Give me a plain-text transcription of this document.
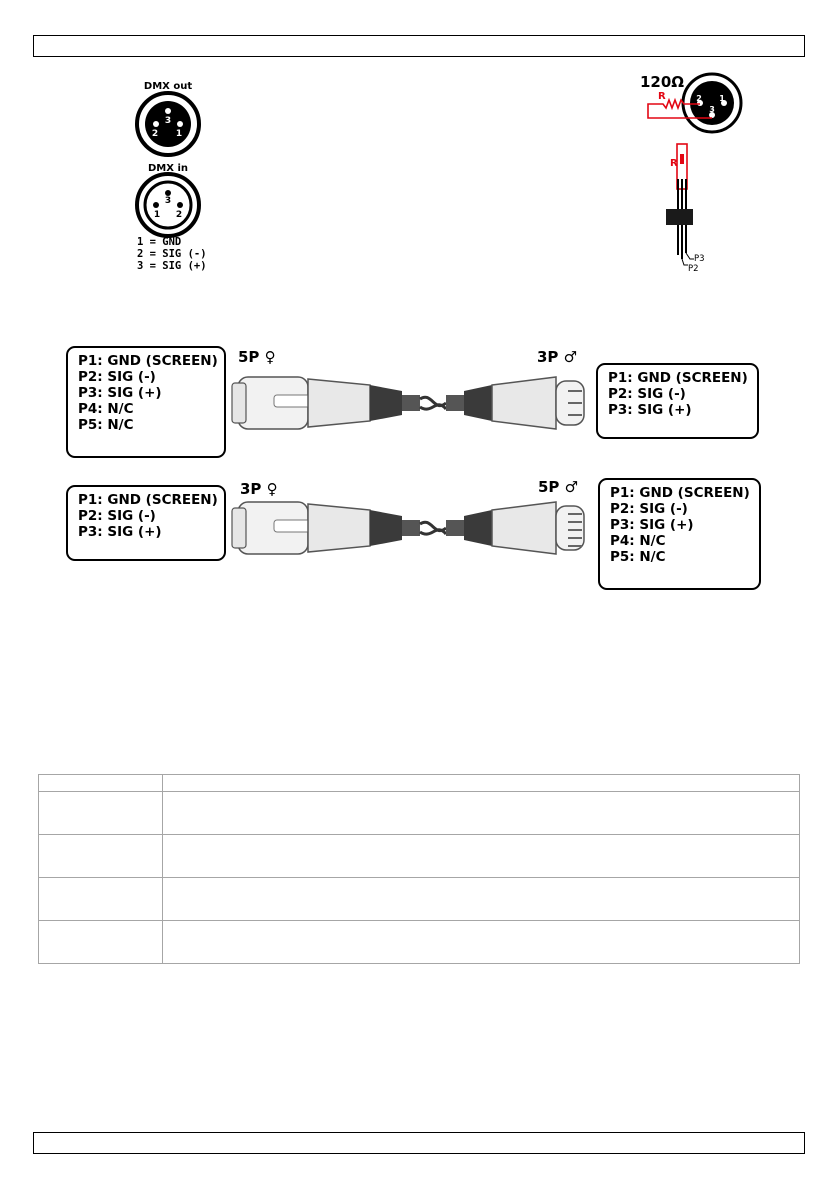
DMX out
3
2 1
DMX in
3
1 2
1 = GND
2 = SIG (-)
3 = SIG (+)
120Ω
2 1
3
R
R
P3
P2
5P ♀	3P ♂
P1: GND (SCREEN)
P2: SIG (-)
P3: SIG (+)
P4: N/C
P5: N/C
P1: GND (SCREEN)
P2: SIG (-)
P3: SIG (+)
3P ♀	5P ♂
P1: GND (SCREEN)
P2: SIG (-)
P3: SIG (+)
P1: GND (SCREEN)
P2: SIG (-)
P3: SIG (+)
P4: N/C
P5: N/C
